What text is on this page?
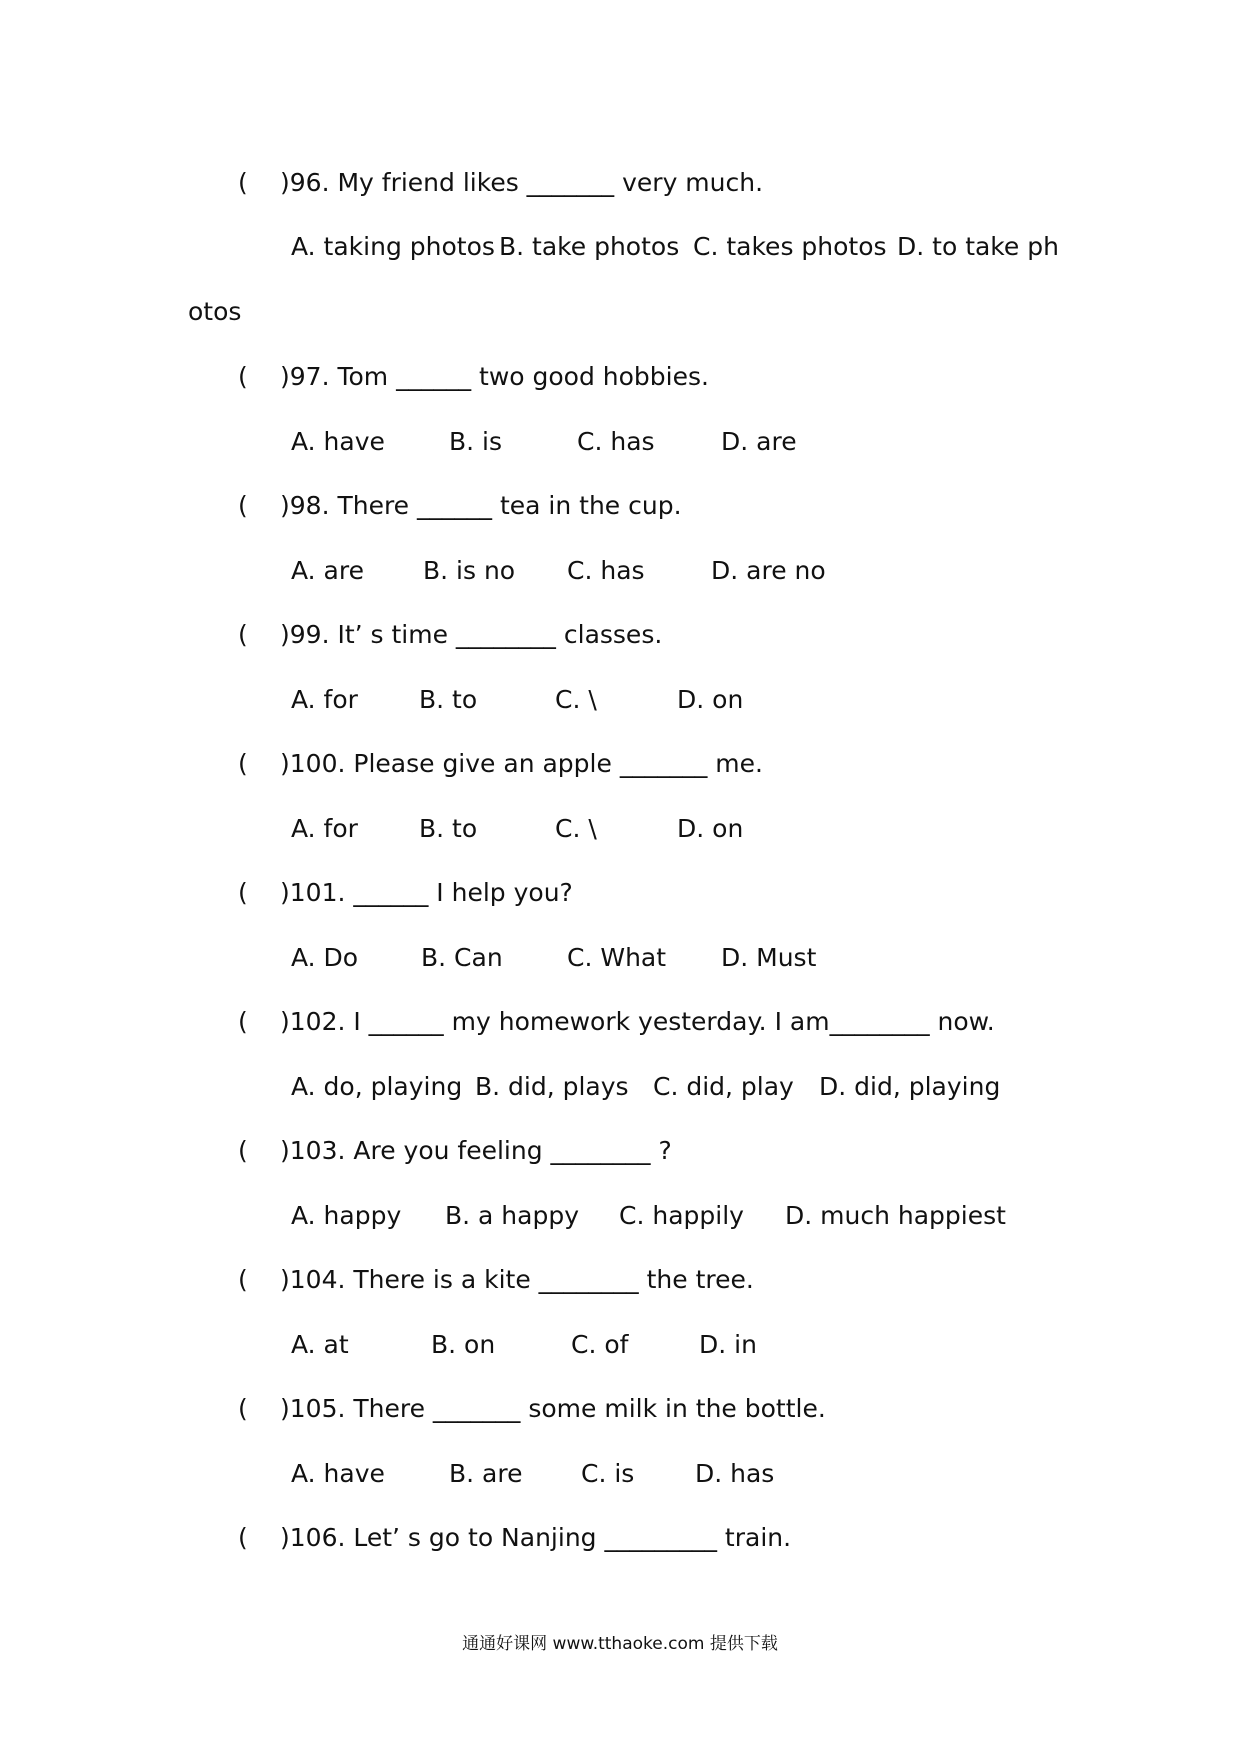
( )96. My friend likes _______ very much.
A. taking photos B. take photos C. takes photos D. to take ph
otos
( )97. Tom ______ two good hobbies.
A. have	B. is	C. has	D. are
( )98. There ______ tea in the cup.
A. are B. is no C. has	D. are no
( )99. It’ s time ________ classes.
A. for B. to	C. \	D. on
( )100. Please give an apple _______ me.
A. for B. to	C. \	D. on
( )101. ______ I help you?
A. Do	B. Can	C. What D. Must
( )102. I ______ my homework yesterday. I am________ now.
A. do, playing B. did, plays C. did, play D. did, playing
( )103. Are you feeling ________ ?
A. happy B. a happy C. happily D. much happiest
( )104. There is a kite ________ the tree.
A. at	B. on	C. of	D. in
( )105. There _______ some milk in the bottle.
A. have	B. are C. is D. has
( )106. Let’ s go to Nanjing _________ train.
通通好课网 www.tthaoke.com 提供下载
